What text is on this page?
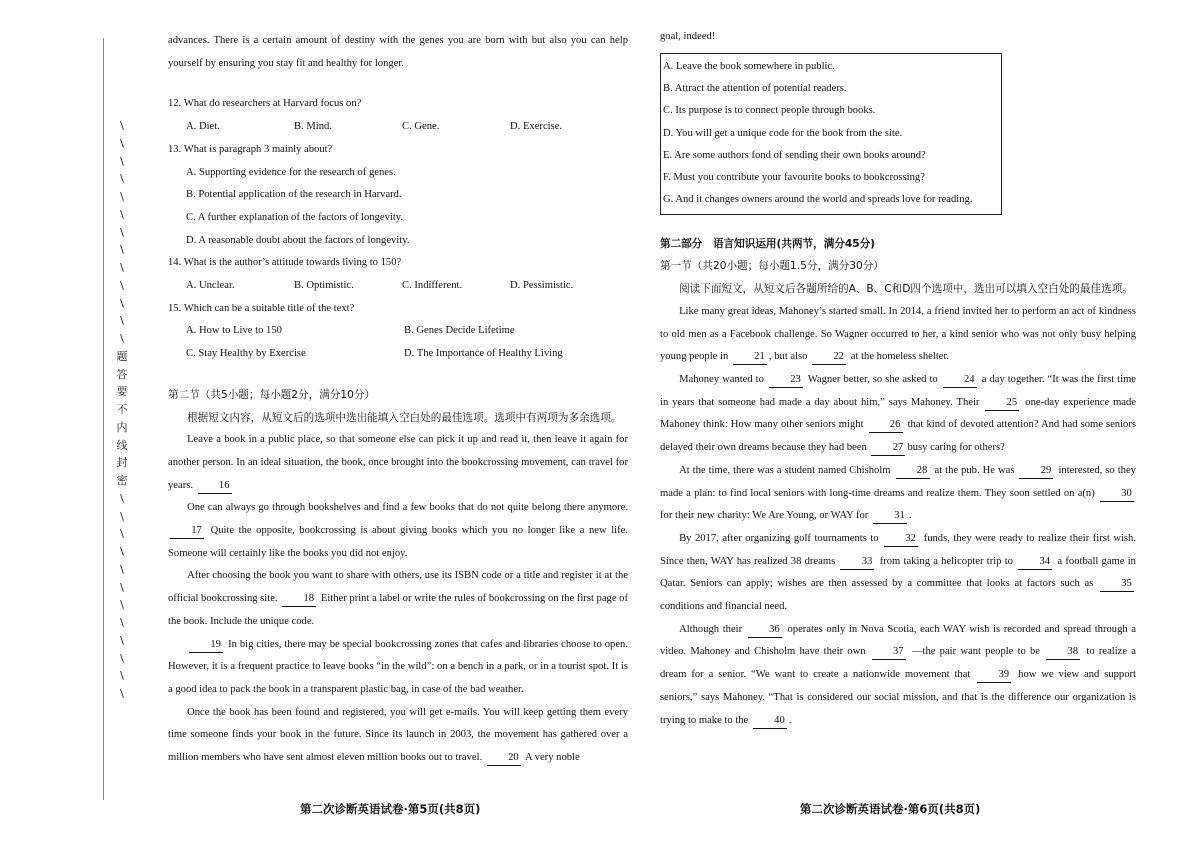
\
\
\
\
\
\
\
\
\
\
\
\
\
题
答
要
不
内
线
封
密
\
\
\
\
\
\
\
\
\
\
\
\

advances. There is a certain amount of destiny with the genes you are born with but also you can help yourself by ensuring you stay fit and healthy for longer.

12. What do researchers at Harvard focus on?

A. Diet.	B. Mind.	C. Gene.	D. Exercise.

13. What is paragraph 3 mainly about?

A. Supporting evidence for the research of genes.

B. Potential application of the research in Harvard.

C. A further explanation of the factors of longevity.

D. A reasonable doubt about the factors of longevity.

14. What is the author’s attitude towards living to 150?

A. Unclear.	B. Optimistic.	C. Indifferent.	D. Pessimistic.

15. Which can be a suitable title of the text?

A. How to Live to 150	B. Genes Decide Lifetime
C. Stay Healthy by Exercise	D. The Importance of Healthy Living

第二节（共5小题；每小题2分，满分10分）

根据短文内容，从短文后的选项中选出能填入空白处的最佳选项。选项中有两项为多余选项。

Leave a book in a public place, so that someone else can pick it up and read it, then leave it again for another person. In an ideal situation, the book, once brought into the bookcrossing movement, can travel for years. 16

One can always go through bookshelves and find a few books that do not quite belong there anymore. 17 Quite the opposite, bookcrossing is about giving books which you no longer like a new life. Someone will certainly like the books you did not enjoy.

After choosing the book you want to share with others, use its ISBN code or a title and register it at the official bookcrossing site. 18 Either print a label or write the rules of bookcrossing on the first page of the book. Include the unique code.

19 In big cities, there may be special bookcrossing zones that cafes and libraries choose to open. However, it is a frequent practice to leave books “in the wild”: on a bench in a park, or in a tourist spot. It is a good idea to pack the book in a transparent plastic bag, in case of the bad weather.

Once the book has been found and registered, you will get e-mails. You will keep getting them every time someone finds your book in the future. Since its launch in 2003, the movement has gathered over a million members who have sent almost eleven million books out to travel. 20 A very noble

第二次诊断英语试卷·第5页(共8页)

goal, indeed!

A. Leave the book somewhere in public.

B. Attract the attention of potential readers.

C. Its purpose is to connect people through books.

D. You will get a unique code for the book from the site.

E. Are some authors fond of sending their own books around?

F. Must you contribute your favourite books to bookcrossing?

G. And it changes owners around the world and spreads love for reading.

第二部分　语言知识运用(共两节，满分45分)

第一节（共20小题；每小题1.5分，满分30分）

阅读下面短文，从短文后各题所给的A、B、C和D四个选项中，选出可以填入空白处的最佳选项。

Like many great ideas, Mahoney’s started small. In 2014, a friend invited her to perform an act of kindness to old men as a Facebook challenge. So Wagner occurred to her, a kind senior who was not only busy helping young people in 21 , but also 22 at the homeless shelter.

Mahoney wanted to 23 Wagner better, so she asked to 24 a day together. “It was the first time in years that someone had made a day about him,” says Mahoney. Their	25 one-day experience made Mahoney think: How many other seniors might 26 that kind of devoted attention? And had some seniors delayed their own dreams because they had been 27 busy caring for others?

At the time, there was a student named Chisholm 28 at the pub. He was 29 interested, so they made a plan: to find local seniors with long-time dreams and realize them. They soon settled on a(n) 30 for their new charity: We Are Young, or WAY for 31 .

By 2017, after organizing golf tournaments to	32 funds, they were ready to realize their first wish. Since then, WAY has realized 38 dreams 33 from taking a helicopter trip to 34 a football game in Qatar. Seniors can apply; wishes are then assessed by a committee that looks at factors such as	35 conditions and financial need.

Although their	36 operates only in Nova Scotia, each WAY wish is recorded and spread through a video. Mahoney and Chisholm have their own	37 —the pair want people to be	38 to realize a dream for a senior. “We want to create a nationwide movement that	39 how we view and support seniors,” says Mahoney. “That is considered our social mission, and that is the difference our organization is trying to make to the 40 .

第二次诊断英语试卷·第6页(共8页)
